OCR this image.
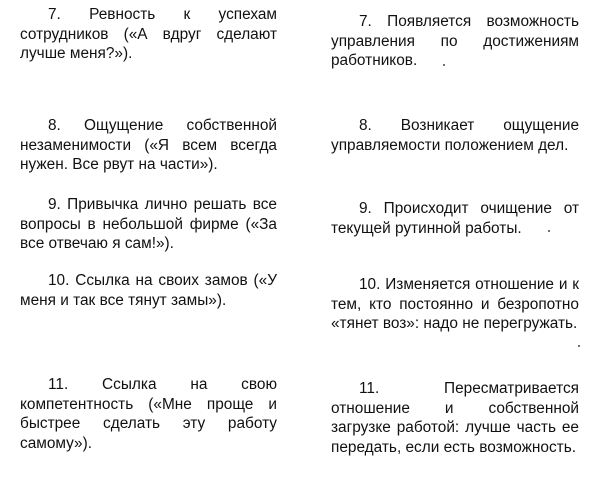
7. Ревность к успехам сотрудников («А вдруг сделают лучше меня?»).

8. Ощущение собственной незаменимости («Я всем всегда нужен. Все рвут на части»).

9. Привычка лично решать все вопросы в небольшой фирме («За все отвечаю я сам!»).

10. Ссылка на своих замов («У меня и так все тянут замы»).

11. Ссылка на свою компетентность («Мне проще и быстрее сделать эту работу самому»).

7. Появляется возможность управления по достижениям работников.

8. Возникает ощущение управляемости положением дел.

9. Происходит очищение от текущей рутинной работы.

10. Изменяется отношение и к тем, кто постоянно и безропотно «тянет воз»: надо не перегружать.

11. Пересматривается отношение и собственной загрузке работой: лучше часть ее передать, если есть возможность.
